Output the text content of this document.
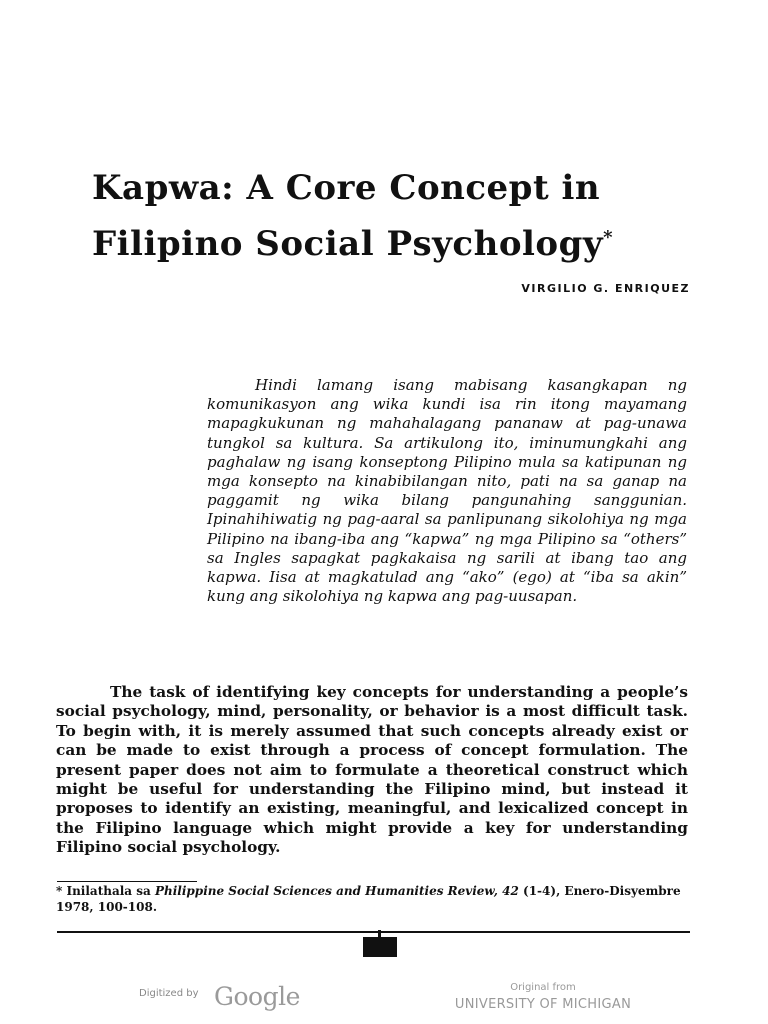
Kapwa: A Core Concept in
Filipino Social Psychology*
VIRGILIO G. ENRIQUEZ
Hindi lamang isang mabisang kasangkapan ng komunikasyon ang wika kundi isa rin itong mayamang mapagkukunan ng mahahalagang pananaw at pag-unawa tungkol sa kultura. Sa artikulong ito, iminumungkahi ang paghalaw ng isang konseptong Pilipino mula sa katipunan ng mga konsepto na kinabibilangan nito, pati na sa ganap na paggamit ng wika bilang pangunahing sanggunian. Ipinahihiwatig ng pag-aaral sa panlipunang sikolohiya ng mga Pilipino na ibang-iba ang “kapwa” ng mga Pilipino sa “others” sa Ingles sapagkat pagkakaisa ng sarili at ibang tao ang kapwa. Iisa at magkatulad ang “ako” (ego) at “iba sa akin” kung ang sikolohiya ng kapwa ang pag-uusapan.
The task of identifying key concepts for understanding a people’s social psychology, mind, personality, or behavior is a most difficult task. To begin with, it is merely assumed that such concepts already exist or can be made to exist through a process of concept formulation. The present paper does not aim to formulate a theoretical construct which might be useful for understanding the Filipino mind, but instead it proposes to identify an existing, meaningful, and lexicalized concept in the Filipino language which might provide a key for understanding Filipino social psychology.
* Inilathala sa Philippine Social Sciences and Humanities Review, 42 (1-4), Enero-Disyembre 1978, 100-108.
Digitized by Google	Original from
UNIVERSITY OF MICHIGAN
